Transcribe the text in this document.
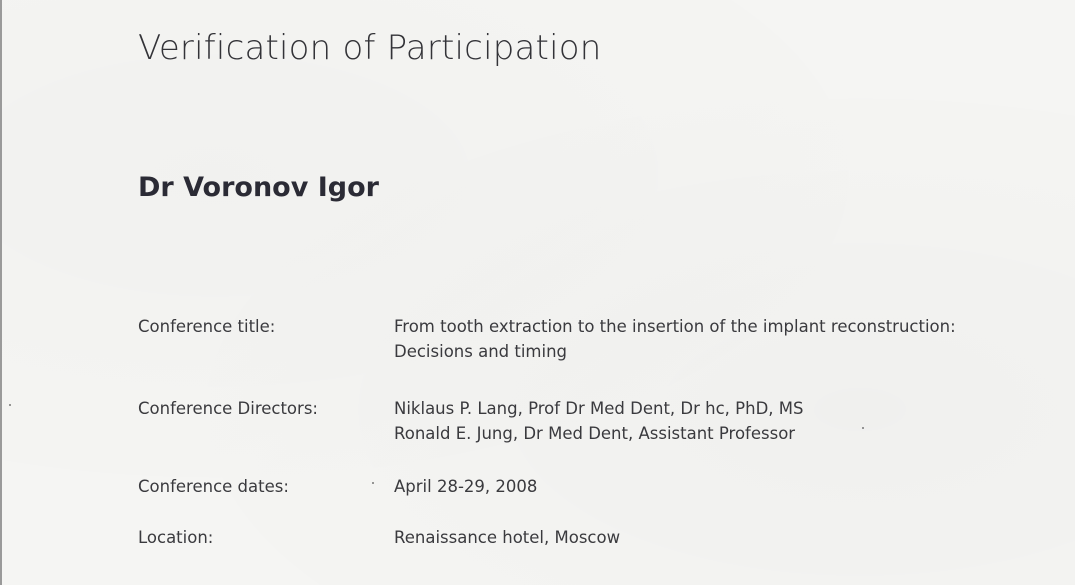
Verification of Participation
Dr Voronov Igor
Conference title:	From tooth extraction to the insertion of the implant reconstruction:
Decisions and timing
Conference Directors:	Niklaus P. Lang, Prof Dr Med Dent, Dr hc, PhD, MS
Ronald E. Jung, Dr Med Dent, Assistant Professor
Conference dates:	April 28-29, 2008
Location:	Renaissance hotel, Moscow
